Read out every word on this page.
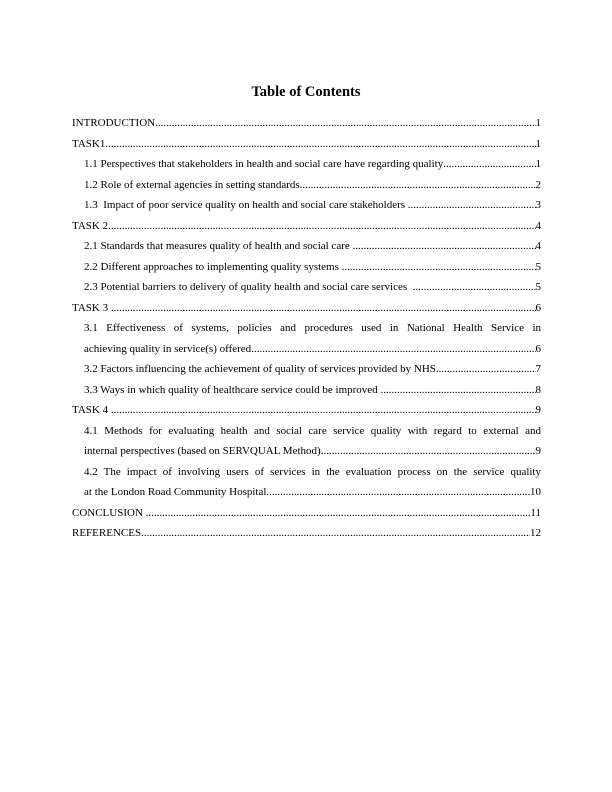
Table of Contents
INTRODUCTION .....	1
TASK1 .....	1
1.1 Perspectives that stakeholders in health and social care have regarding quality .....	1
1.2 Role of external agencies in setting standards .....	2
1.3  Impact of poor service quality on health and social care stakeholders .....	3
TASK 2 .....	4
2.1 Standards that measures quality of health and social care .....	4
2.2 Different approaches to implementing quality systems .....	5
2.3 Potential barriers to delivery of quality health and social care services .....	5
TASK 3 .....	6
3.1 Effectiveness of systems, policies and procedures used in National Health Service in
achieving quality in service(s) offered .....	6
3.2 Factors influencing the achievement of quality of services provided by NHS .....	7
3.3 Ways in which quality of healthcare service could be improved .....	8
TASK 4 .....	9
4.1 Methods for evaluating health and social care service quality with regard to external and
internal perspectives (based on SERVQUAL Method) .....	9
4.2 The impact of involving users of services in the evaluation process on the service quality
at the London Road Community Hospital .....	10
CONCLUSION .....	11
REFERENCES .....	12
